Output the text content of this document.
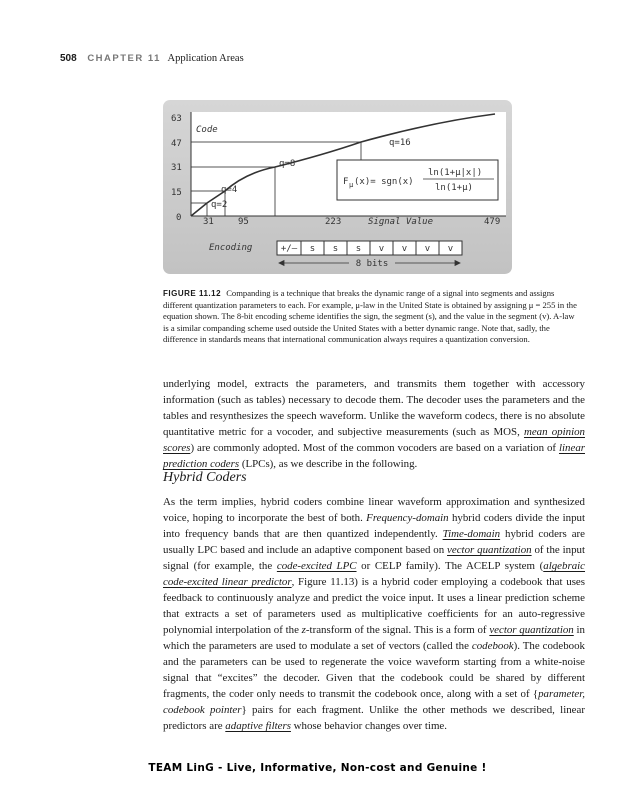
508 CHAPTER 11 Application Areas
63
47
31
15
0 31	95	223	479
Code
q=16
q=8
q=4
q=2
Signal Value
F μ (x)= sgn(x)
ln(1+μ|x|)
ln(1+μ)
Encoding	+/– s s s v v v v
8 bits
FIGURE 11.12 Companding is a technique that breaks the dynamic range of a signal into segments and assigns different quantization parameters to each. For example, μ-law in the United State is obtained by assigning μ = 255 in the equation shown. The 8-bit encoding scheme identifies the sign, the segment (s), and the value in the segment (v). A-law is a similar companding scheme used outside the United States with a better dynamic range. Note that, sadly, the difference in standards means that international communication always requires a quantization conversion.
underlying model, extracts the parameters, and transmits them together with accessory information (such as tables) necessary to decode them. The decoder uses the parameters and the tables and resynthesizes the speech waveform. Unlike the waveform codecs, there is no absolute quantitative metric for a vocoder, and subjective measurements (such as MOS, mean opinion scores) are commonly adopted. Most of the common vocoders are based on a variation of linear prediction coders (LPCs), as we describe in the following.
Hybrid Coders
As the term implies, hybrid coders combine linear waveform approximation and synthesized voice, hoping to incorporate the best of both. Frequency-domain hybrid coders divide the input into frequency bands that are then quantized independently. Time-domain hybrid coders are usually LPC based and include an adaptive component based on vector quantization of the input signal (for example, the code-excited LPC or CELP family). The ACELP system (algebraic code-excited linear predictor, Figure 11.13) is a hybrid coder employing a codebook that uses feedback to continuously analyze and predict the voice input. It uses a linear prediction scheme that extracts a set of parameters used as multiplicative coefficients for an auto-regressive polynomial interpolation of the z-transform of the signal. This is a form of vector quantization in which the parameters are used to modulate a set of vectors (called the codebook). The codebook and the parameters can be used to regenerate the voice waveform starting from a white-noise signal that “excites” the decoder. Given that the codebook could be shared by different fragments, the coder only needs to transmit the codebook once, along with a set of {parameter, codebook pointer} pairs for each fragment. Unlike the other methods we described, linear predictors are adaptive filters whose behavior changes over time.
TEAM LinG - Live, Informative, Non-cost and Genuine !
